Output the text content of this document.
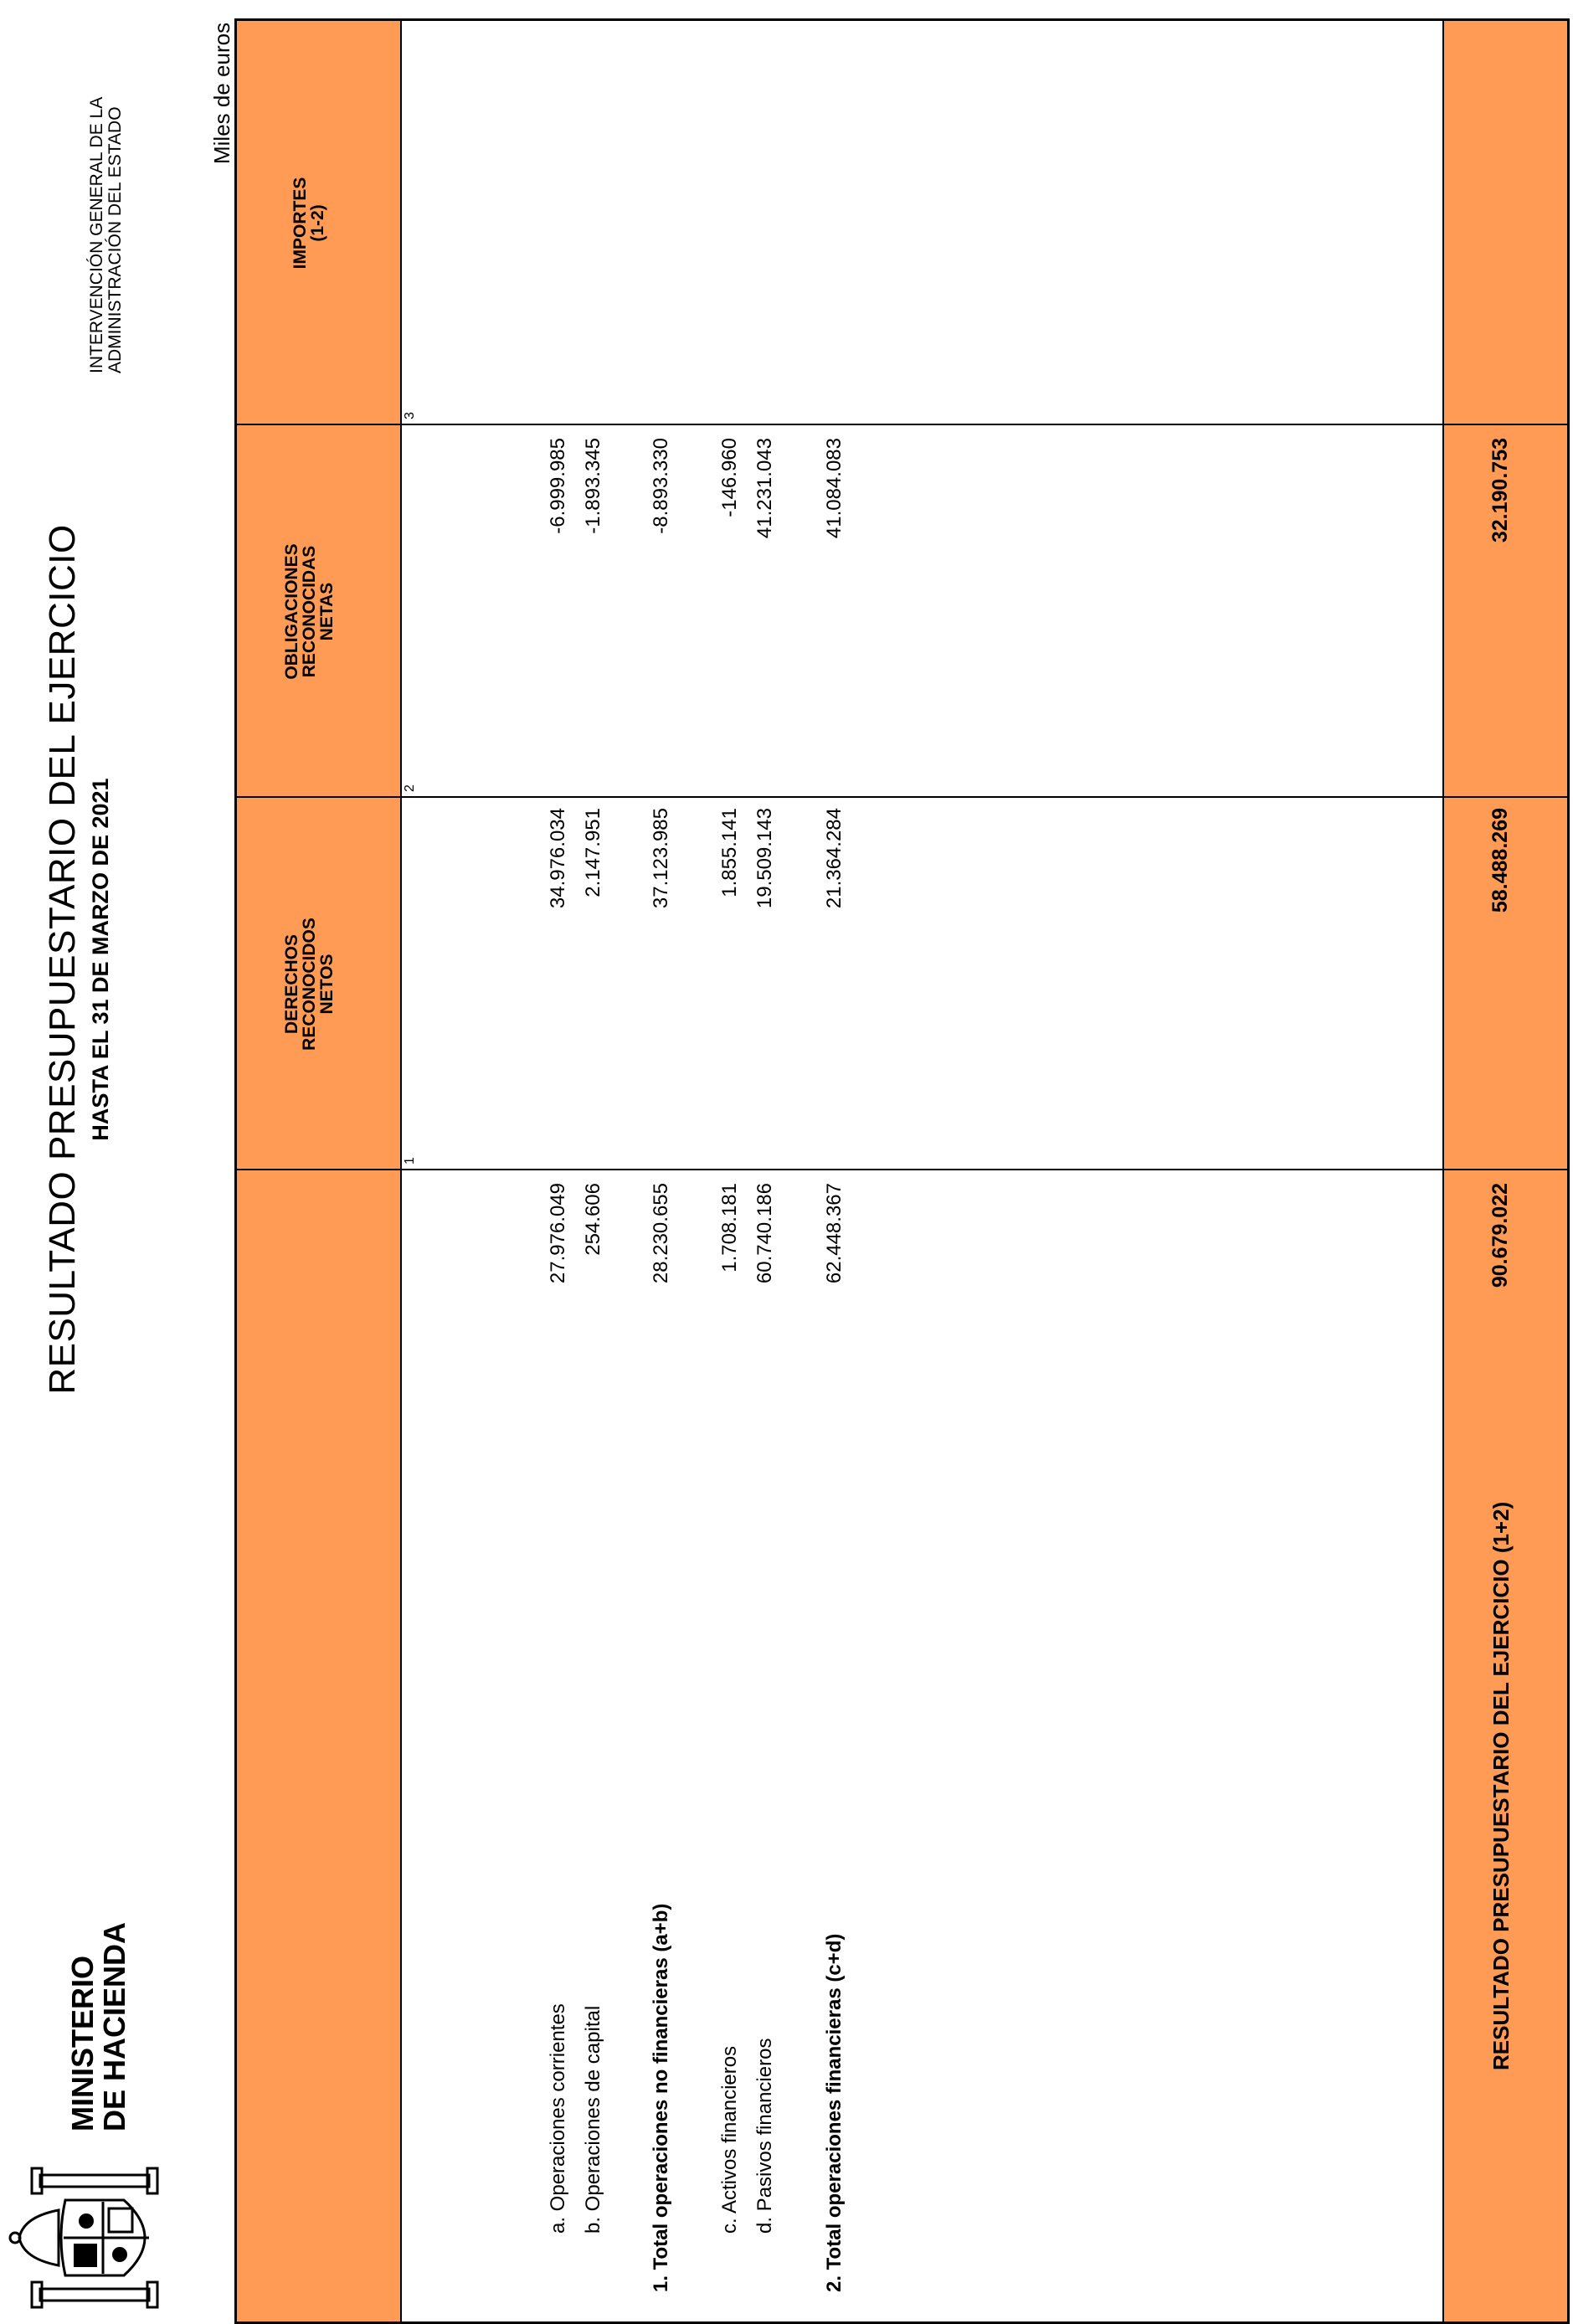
MINISTERIO
DE HACIENDA
RESULTADO PRESUPUESTARIO DEL EJERCICIO HASTA EL 31 DE MARZO DE 2021
INTERVENCIÓN GENERAL DE LA ADMINISTRACIÓN DEL ESTADO
Miles de euros
DERECHOS
RECONOCIDOS
NETOS
OBLIGACIONES
RECONOCIDAS
NETAS
IMPORTES
(1-2)
1
2
3
a. Operaciones corrientes
27.976.049
34.976.034
-6.999.985
b. Operaciones de capital
254.606
2.147.951
-1.893.345
1. Total operaciones no financieras (a+b)
28.230.655
37.123.985
-8.893.330
c. Activos financieros
1.708.181
1.855.141
-146.960
d. Pasivos financieros
60.740.186
19.509.143
41.231.043
2. Total operaciones financieras (c+d)
62.448.367
21.364.284
41.084.083
RESULTADO PRESUPUESTARIO DEL EJERCICIO (1+2)
90.679.022
58.488.269
32.190.753
